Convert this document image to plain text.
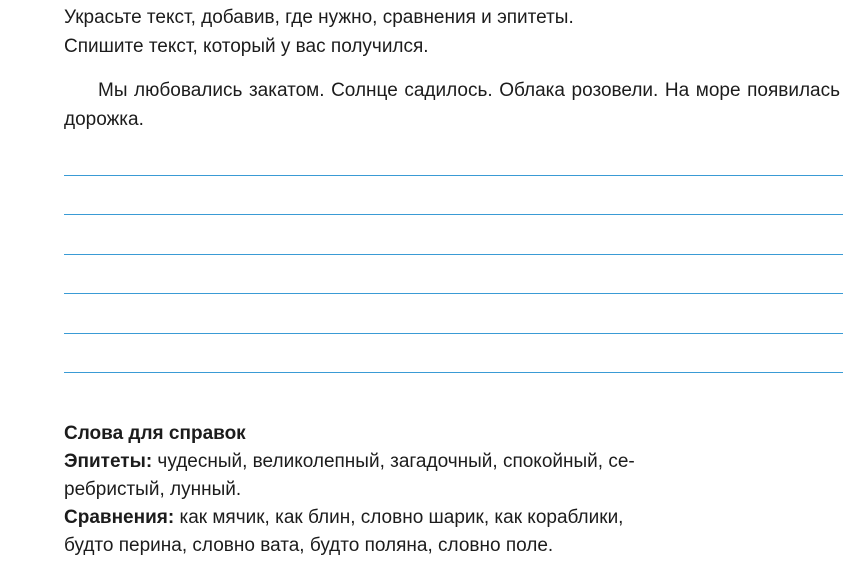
Украсьте текст, добавив, где нужно, сравнения и эпитеты.
Спишите текст, который у вас получился.
Мы любовались закатом. Солнце садилось. Облака розовели. На море появилась дорожка.
Слова для справок
Эпитеты: чудесный, великолепный, загадочный, спокойный, се-
ребристый, лунный.
Сравнения: как мячик, как блин, словно шарик, как кораблики,
будто перина, словно вата, будто поляна, словно поле.
